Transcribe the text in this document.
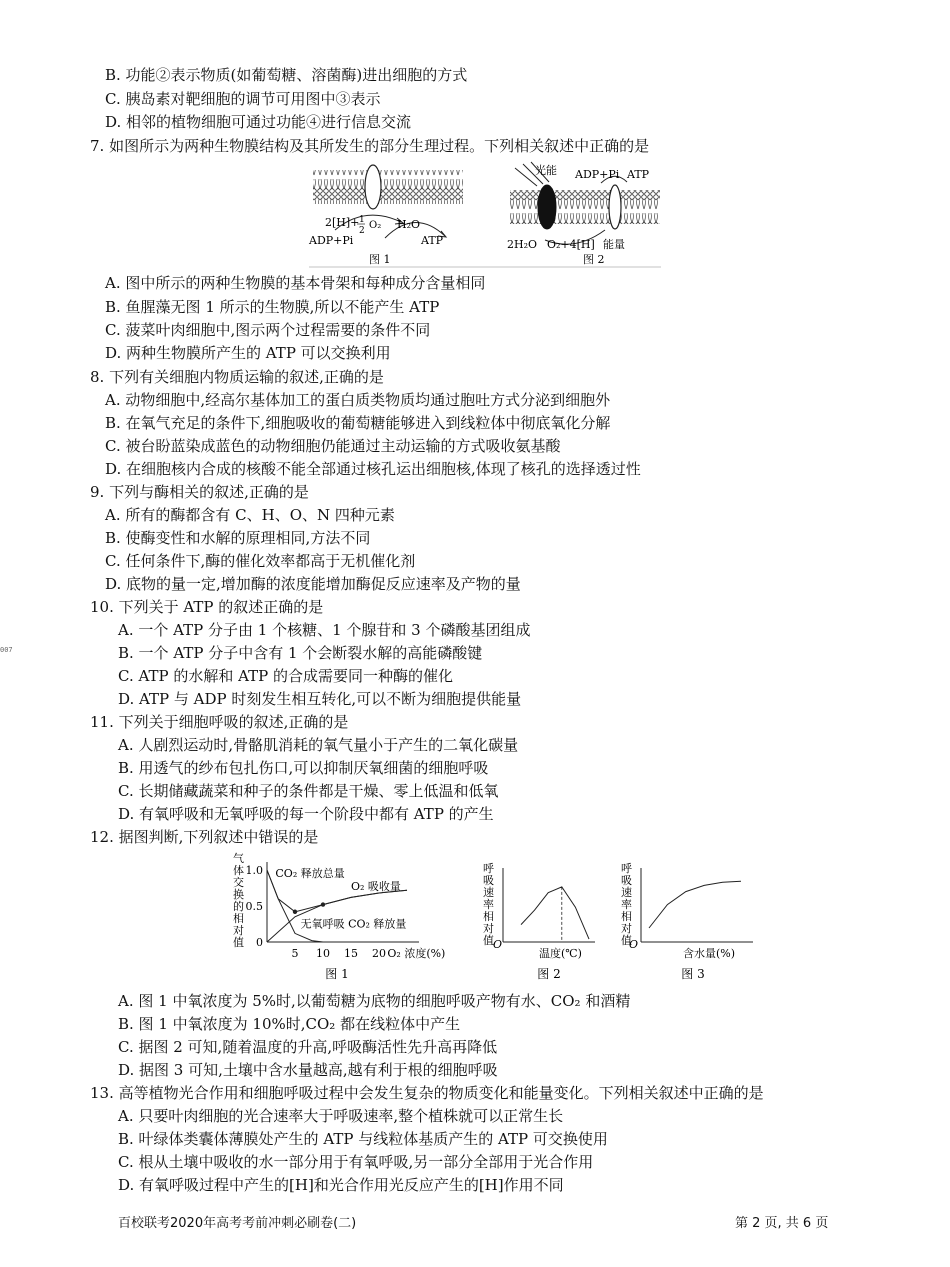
007
B. 功能②表示物质(如葡萄糖、溶菌酶)进出细胞的方式
C. 胰岛素对靶细胞的调节可用图中③表示
D. 相邻的植物细胞可通过功能④进行信息交流
7. 如图所示为两种生物膜结构及其所发生的部分生理过程。下列相关叙述中正确的是
2[H]+ 1
2 O₂ H₂O
ADP+Pi	ATP
图 1
光能 ADP+Pi ATP
2H₂O O₂+4[H] 能量
图 2
A. 图中所示的两种生物膜的基本骨架和每种成分含量相同
B. 鱼腥藻无图 1 所示的生物膜,所以不能产生 ATP
C. 菠菜叶肉细胞中,图示两个过程需要的条件不同
D. 两种生物膜所产生的 ATP 可以交换利用
8. 下列有关细胞内物质运输的叙述,正确的是
A. 动物细胞中,经高尔基体加工的蛋白质类物质均通过胞吐方式分泌到细胞外
B. 在氧气充足的条件下,细胞吸收的葡萄糖能够进入到线粒体中彻底氧化分解
C. 被台盼蓝染成蓝色的动物细胞仍能通过主动运输的方式吸收氨基酸
D. 在细胞核内合成的核酸不能全部通过核孔运出细胞核,体现了核孔的选择透过性
9. 下列与酶相关的叙述,正确的是
A. 所有的酶都含有 C、H、O、N 四种元素
B. 使酶变性和水解的原理相同,方法不同
C. 任何条件下,酶的催化效率都高于无机催化剂
D. 底物的量一定,增加酶的浓度能增加酶促反应速率及产物的量
10. 下列关于 ATP 的叙述正确的是
A. 一个 ATP 分子由 1 个核糖、1 个腺苷和 3 个磷酸基团组成
B. 一个 ATP 分子中含有 1 个会断裂水解的高能磷酸键
C. ATP 的水解和 ATP 的合成需要同一种酶的催化
D. ATP 与 ADP 时刻发生相互转化,可以不断为细胞提供能量
11. 下列关于细胞呼吸的叙述,正确的是
A. 人剧烈运动时,骨骼肌消耗的氧气量小于产生的二氧化碳量
B. 用透气的纱布包扎伤口,可以抑制厌氧细菌的细胞呼吸
C. 长期储藏蔬菜和种子的条件都是干燥、零上低温和低氧
D. 有氧呼吸和无氧呼吸的每一个阶段中都有 ATP 的产生
12. 据图判断,下列叙述中错误的是
气
体
交
换
的
相
对
值 0
0.5
1.0
5 10 15 20 O₂ 浓度(%)
图 1
CO₂ 释放总量
O₂ 吸收量
无氧呼吸 CO₂ 释放量
呼
吸
速
率
相
对
值 O
温度(℃)
图 2
呼
吸
速
率
相
对
值
O
含水量(%)
图 3
A. 图 1 中氧浓度为 5%时,以葡萄糖为底物的细胞呼吸产物有水、CO₂ 和酒精
B. 图 1 中氧浓度为 10%时,CO₂ 都在线粒体中产生
C. 据图 2 可知,随着温度的升高,呼吸酶活性先升高再降低
D. 据图 3 可知,土壤中含水量越高,越有利于根的细胞呼吸
13. 高等植物光合作用和细胞呼吸过程中会发生复杂的物质变化和能量变化。下列相关叙述中正确的是
A. 只要叶肉细胞的光合速率大于呼吸速率,整个植株就可以正常生长
B. 叶绿体类囊体薄膜处产生的 ATP 与线粒体基质产生的 ATP 可交换使用
C. 根从土壤中吸收的水一部分用于有氧呼吸,另一部分全部用于光合作用
D. 有氧呼吸过程中产生的[H]和光合作用光反应产生的[H]作用不同
百校联考2020年高考考前冲刺必刷卷(二)	第 2 页, 共 6 页
